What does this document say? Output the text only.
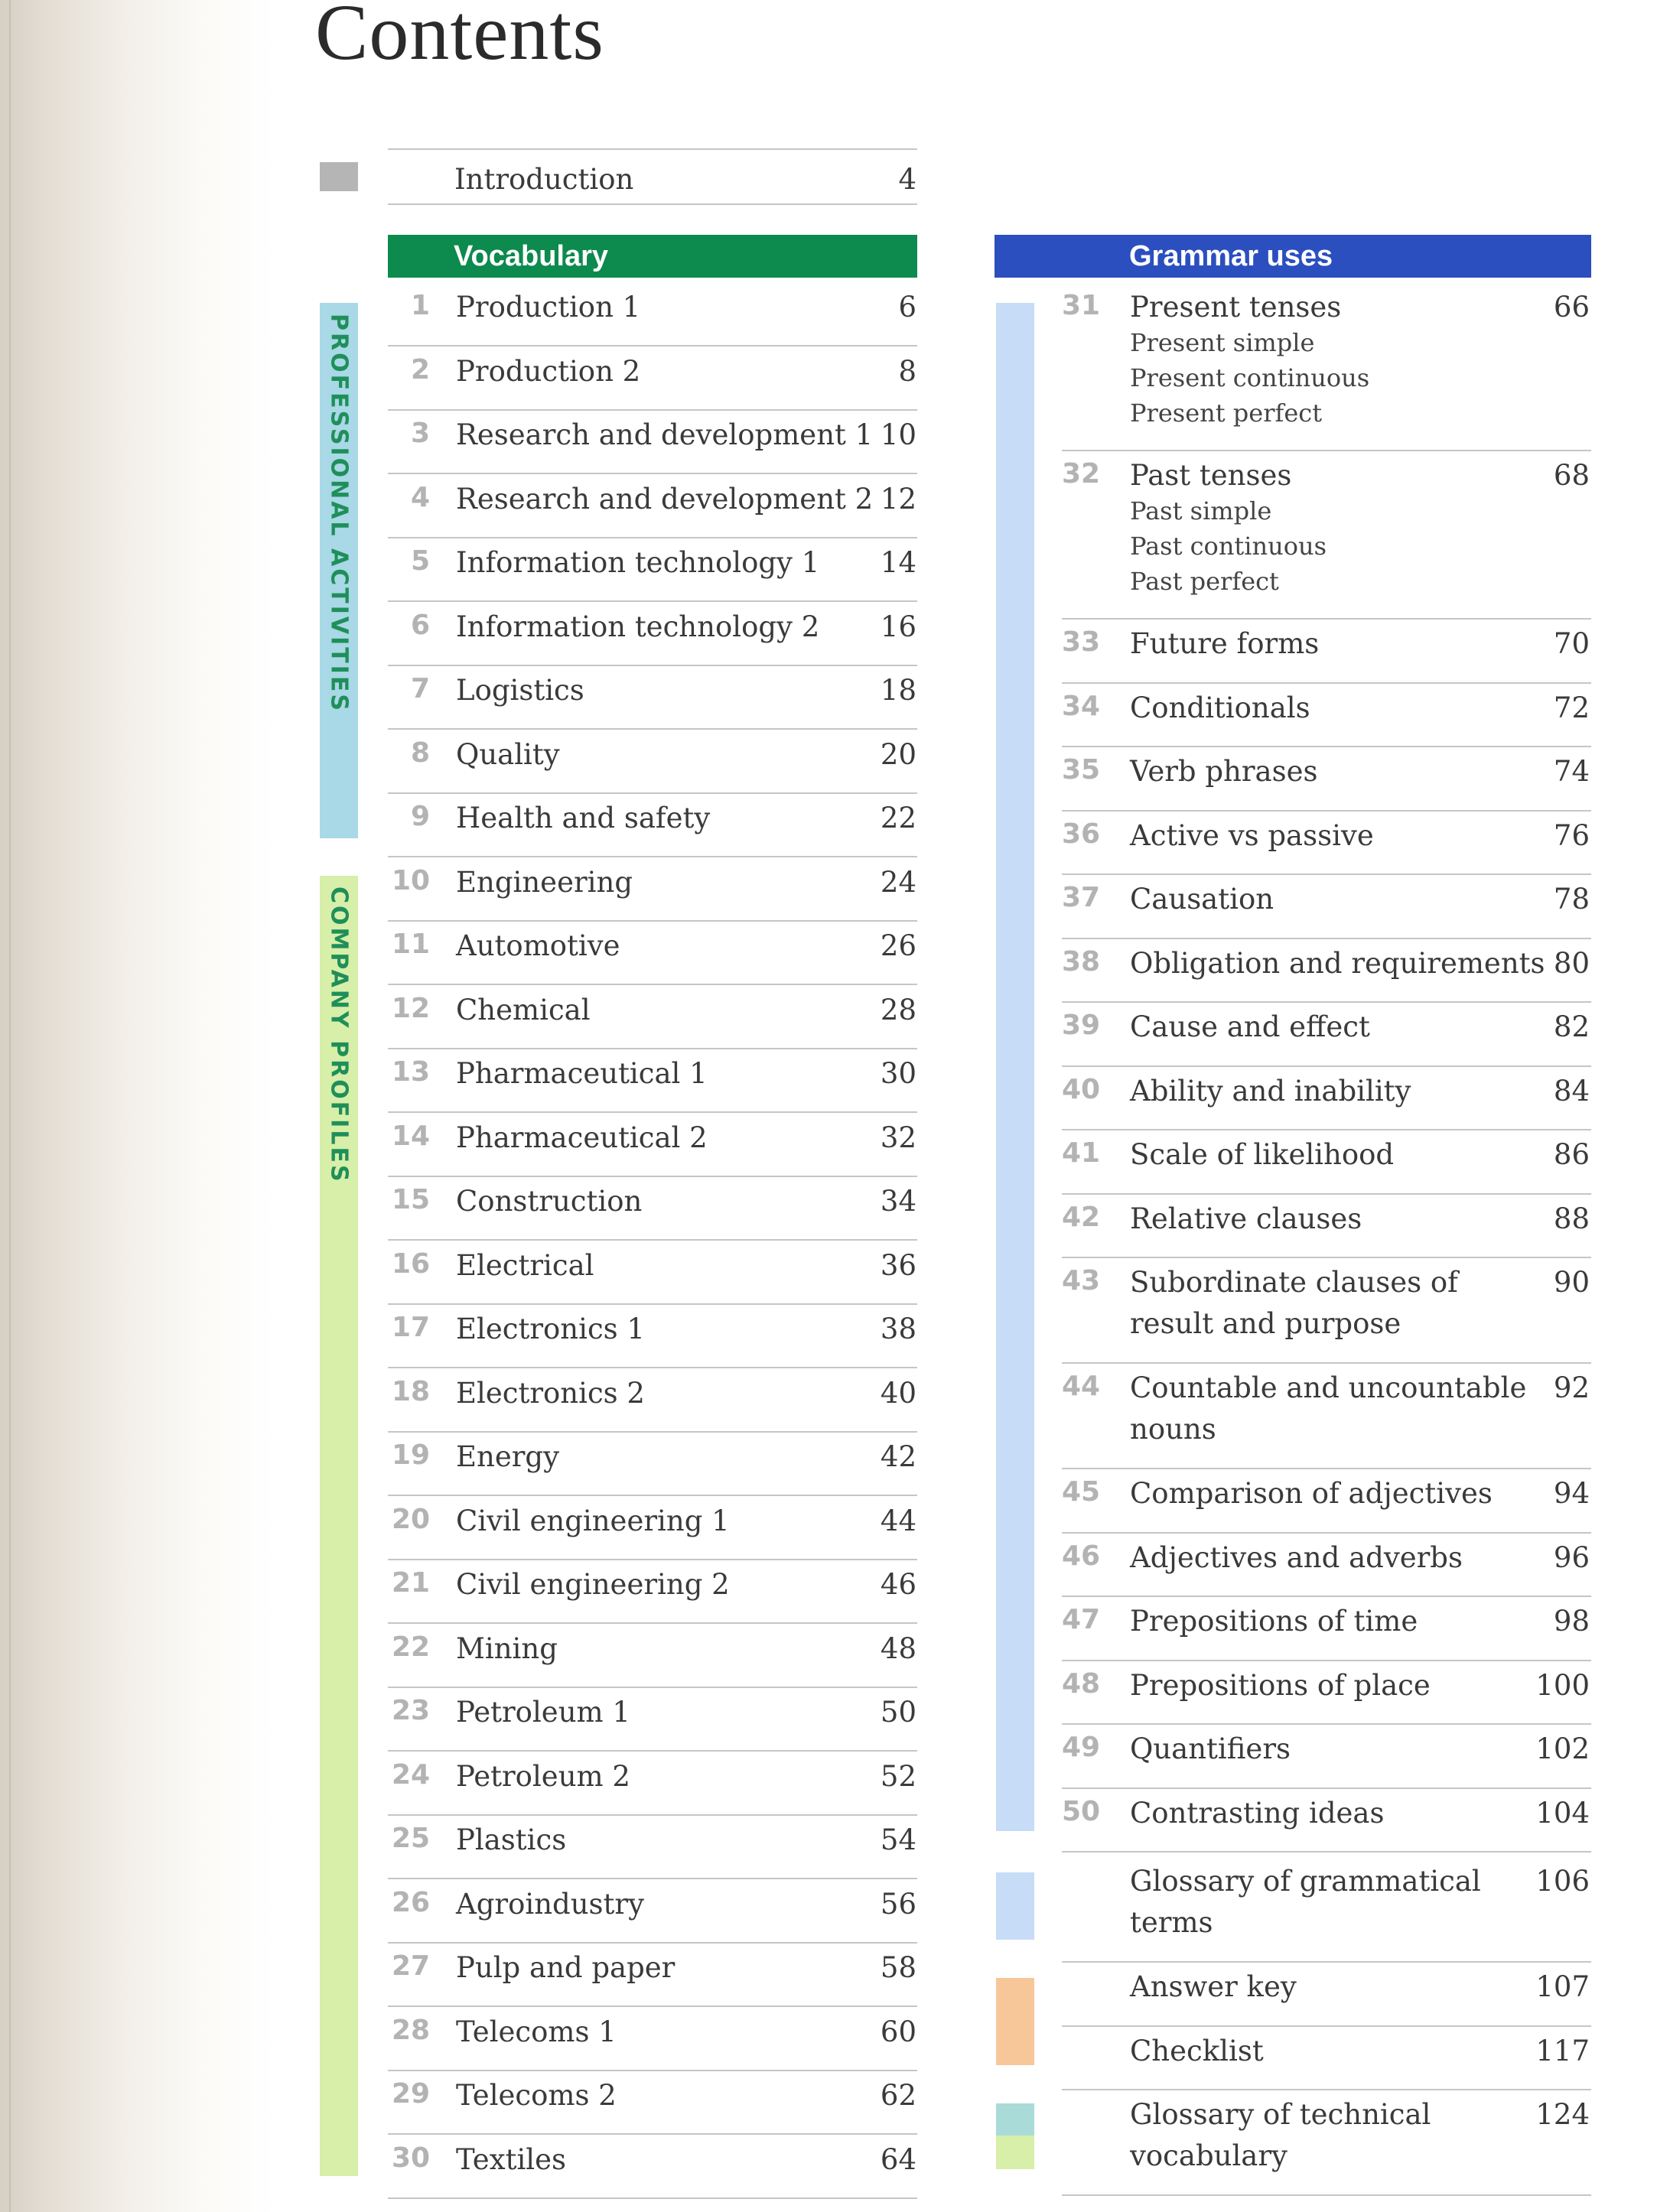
Contents
Introduction	4
Vocabulary
PROFESSIONAL ACTIVITIES
COMPANY PROFILES
1 Production 1	6
2 Production 2	8
3 Research and development 1 10
4 Research and development 2 12
5 Information technology 1	14
6 Information technology 2	16
7 Logistics	18
8 Quality	20
9 Health and safety	22
10 Engineering	24
11 Automotive	26
12 Chemical	28
13 Pharmaceutical 1	30
14 Pharmaceutical 2	32
15 Construction	34
16 Electrical	36
17 Electronics 1	38
18 Electronics 2	40
19 Energy	42
20 Civil engineering 1	44
21 Civil engineering 2	46
22 Mining	48
23 Petroleum 1	50
24 Petroleum 2	52
25 Plastics	54
26 Agroindustry	56
27 Pulp and paper	58
28 Telecoms 1	60
29 Telecoms 2	62
30 Textiles	64
Grammar uses
31 Present tenses	66
Present simple
Present continuous
Present perfect
32 Past tenses	68
Past simple
Past continuous
Past perfect
33 Future forms	70
34 Conditionals	72
35 Verb phrases	74
36 Active vs passive	76
37 Causation	78
38 Obligation and requirements 80
39 Cause and effect	82
40 Ability and inability	84
41 Scale of likelihood	86
42 Relative clauses	88
43 Subordinate clauses of	90
result and purpose
44 Countable and uncountable 92
nouns
45 Comparison of adjectives	94
46 Adjectives and adverbs	96
47 Prepositions of time	98
48 Prepositions of place	100
49 Quantifiers	102
50 Contrasting ideas	104
Glossary of grammatical	106
terms
Answer key	107
Checklist	117
Glossary of technical	124
vocabulary
